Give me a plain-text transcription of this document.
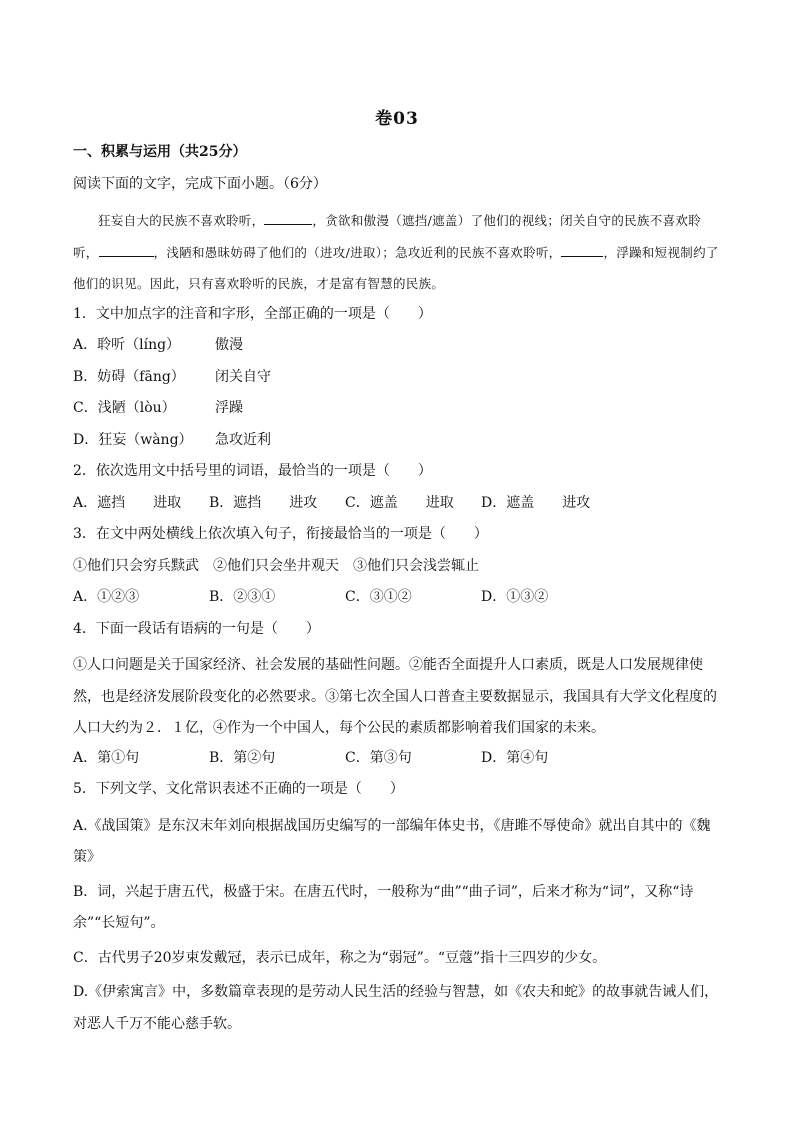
卷03

一、积累与运用（共25分）

阅读下面的文字，完成下面小题。（6分）

狂妄自大的民族不喜欢聆听，	，贪欲和傲漫（遮挡/遮盖）了他们的视线；闭关自守的民族不喜欢聆听，	，浅陋和愚昧妨碍了他们的（进攻/进取）；急攻近利的民族不喜欢聆听，	，浮躁和短视制约了他们的识见。因此，只有喜欢聆听的民族，才是富有智慧的民族。

1．文中加点字的注音和字形，全部正确的一项是（　　）

A．聆听（líng）	傲漫

B．妨碍（fāng）	闭关自守

C．浅陋（lòu）	浮躁

D．狂妄（wàng）	急攻近利

2．依次选用文中括号里的词语，最恰当的一项是（　　）

A．遮挡　　进取	B．遮挡　　进攻	C．遮盖　　进取	D．遮盖　　进攻

3．在文中两处横线上依次填入句子，衔接最恰当的一项是（　　）

①他们只会穷兵黩武　②他们只会坐井观天　③他们只会浅尝辄止

A．①②③	B．②③①	C．③①②	D．①③②

4．下面一段话有语病的一句是（　　）

①人口问题是关于国家经济、社会发展的基础性问题。②能否全面提升人口素质，既是人口发展规律使然，也是经济发展阶段变化的必然要求。③第七次全国人口普查主要数据显示，我国具有大学文化程度的人口大约为２．１亿，④作为一个中国人，每个公民的素质都影响着我们国家的未来。

A．第①句	B．第②句	C．第③句	D．第④句

5．下列文学、文化常识表述不正确的一项是（　　）

A.《战国策》是东汉末年刘向根据战国历史编写的一部编年体史书，《唐雎不辱使命》就出自其中的《魏策》

B．词，兴起于唐五代，极盛于宋。在唐五代时，一般称为“曲”“曲子词”，后来才称为“词”，又称“诗余”“长短句”。

C．古代男子20岁束发戴冠，表示已成年，称之为“弱冠”。“豆蔻”指十三四岁的少女。

D.《伊索寓言》中，多数篇章表现的是劳动人民生活的经验与智慧，如《农夫和蛇》的故事就告诫人们，对恶人千万不能心慈手软。
